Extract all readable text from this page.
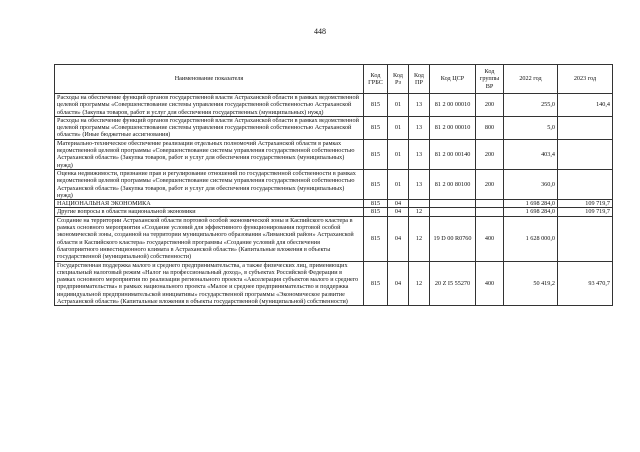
448
Наименование показателя	Код ГРБС	Код Рз	Код ПР	Код ЦСР	Код группы ВР	2022 год	2023 год
Расходы на обеспечение функций органов государственной власти Астраханской области в рамках ведомственной целевой программы «Совершенствование системы управления государственной собственностью Астраханской области» (Закупка товаров, работ и услуг для обеспечения государственных (муниципальных) нужд)	815	01	13	81 2 00 00010	200	255,0	140,4
Расходы на обеспечение функций органов государственной власти Астраханской области в рамках ведомственной целевой программы «Совершенствование системы управления государственной собственностью Астраханской области» (Иные бюджетные ассигнования)	815	01	13	81 2 00 00010	800	5,0	
Материально-техническое обеспечение реализации отдельных полномочий Астраханской области в рамках ведомственной целевой программы «Совершенствование системы управления государственной собственностью Астраханской области» (Закупка товаров, работ и услуг для обеспечения государственных (муниципальных) нужд)	815	01	13	81 2 00 00140	200	403,4	
Оценка недвижимости, признание прав и регулирование отношений по государственной собственности в рамках ведомственной целевой программы «Совершенствование системы управления государственной собственностью Астраханской области» (Закупка товаров, работ и услуг для обеспечения государственных (муниципальных) нужд)	815	01	13	81 2 00 80100	200	360,0	
НАЦИОНАЛЬНАЯ ЭКОНОМИКА	815	04				1 698 284,0	109 719,7
Другие вопросы в области национальной экономики	815	04	12			1 698 284,0	109 719,7
Создание на территории Астраханской области портовой особой экономической зоны и Каспийского кластера в рамках основного мероприятия «Создание условий для эффективного функционирования портовой особой экономической зоны, созданной на территории муниципального образования «Лиманский район» Астраханской области и Каспийского кластера» государственной программы «Создание условий для обеспечения благоприятного инвестиционного климата в Астраханской области» (Капитальные вложения в объекты государственной (муниципальной) собственности)	815	04	12	19 D 00 R0760	400	1 628 000,0	
Государственная поддержка малого и среднего предпринимательства, а также физических лиц, применяющих специальный налоговый режим «Налог на профессиональный доход», в субъектах Российской Федерации в рамках основного мероприятия по реализации регионального проекта «Акселерация субъектов малого и среднего предпринимательства» в рамках национального проекта «Малое и среднее предпринимательство и поддержка индивидуальной предпринимательской инициативы» государственной программы «Экономическое развитие Астраханской области» (Капитальные вложения в объекты государственной (муниципальной) собственности)	815	04	12	20 Z I5 55270	400	50 419,2	93 470,7
